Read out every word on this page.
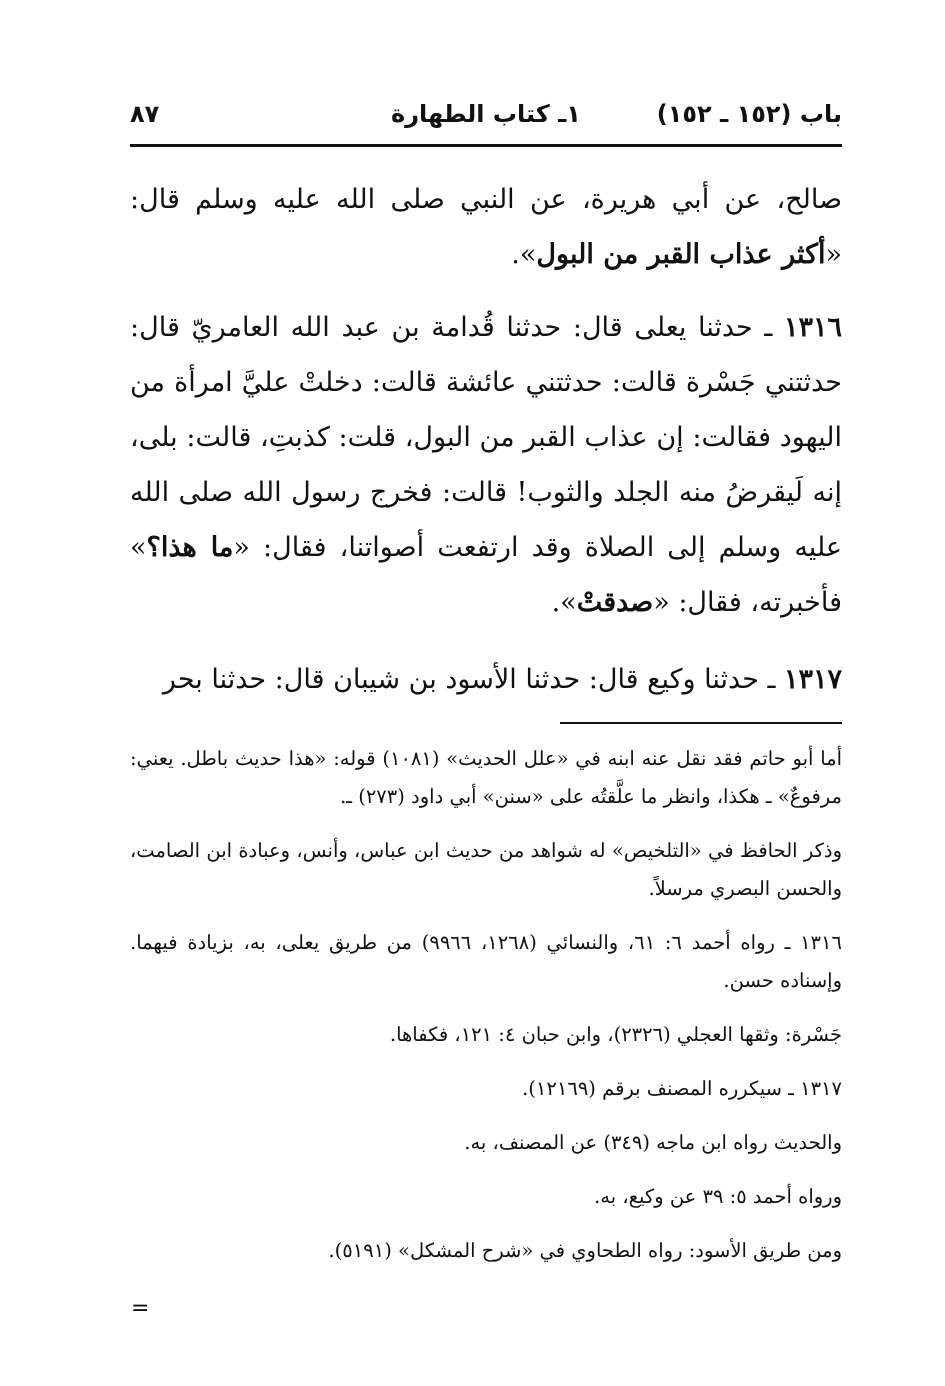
باب (١٥٢ ـ ١٥٢)
١ـ كتاب الطهارة
٨٧

صالح، عن أبي هريرة، عن النبي صلى الله عليه وسلم قال: «أكثر عذاب القبر من البول».

١٣١٦ ـ حدثنا يعلى قال: حدثنا قُدامة بن عبد الله العامريّ قال: حدثتني جَسْرة قالت: حدثتني عائشة قالت: دخلتْ عليَّ امرأة من اليهود فقالت: إن عذاب القبر من البول، قلت: كذبتِ، قالت: بلى، إنه لَيقرضُ منه الجلد والثوب! قالت: فخرج رسول الله صلى الله عليه وسلم إلى الصلاة وقد ارتفعت أصواتنا، فقال: «ما هذا؟» فأخبرته، فقال: «صدقتْ».

١٣١٧ ـ حدثنا وكيع قال: حدثنا الأسود بن شيبان قال: حدثنا بحر

أما أبو حاتم فقد نقل عنه ابنه في «علل الحديث» (١٠٨١) قوله: «هذا حديث باطل. يعني: مرفوعٌ» ـ هكذا، وانظر ما علَّقتُه على «سنن» أبي داود (٢٧٣) ـ.

وذكر الحافظ في «التلخيص» له شواهد من حديث ابن عباس، وأنس، وعبادة ابن الصامت، والحسن البصري مرسلاً.

١٣١٦ ـ رواه أحمد ٦: ٦١، والنسائي (١٢٦٨، ٩٩٦٦) من طريق يعلى، به، بزيادة فيهما. وإسناده حسن.

جَسْرة: وثقها العجلي (٢٣٢٦)، وابن حبان ٤: ١٢١، فكفاها.

١٣١٧ ـ سيكرره المصنف برقم (١٢١٦٩).

والحديث رواه ابن ماجه (٣٤٩) عن المصنف، به.

ورواه أحمد ٥: ٣٩ عن وكيع، به.

ومن طريق الأسود: رواه الطحاوي في «شرح المشكل» (٥١٩١).

=
